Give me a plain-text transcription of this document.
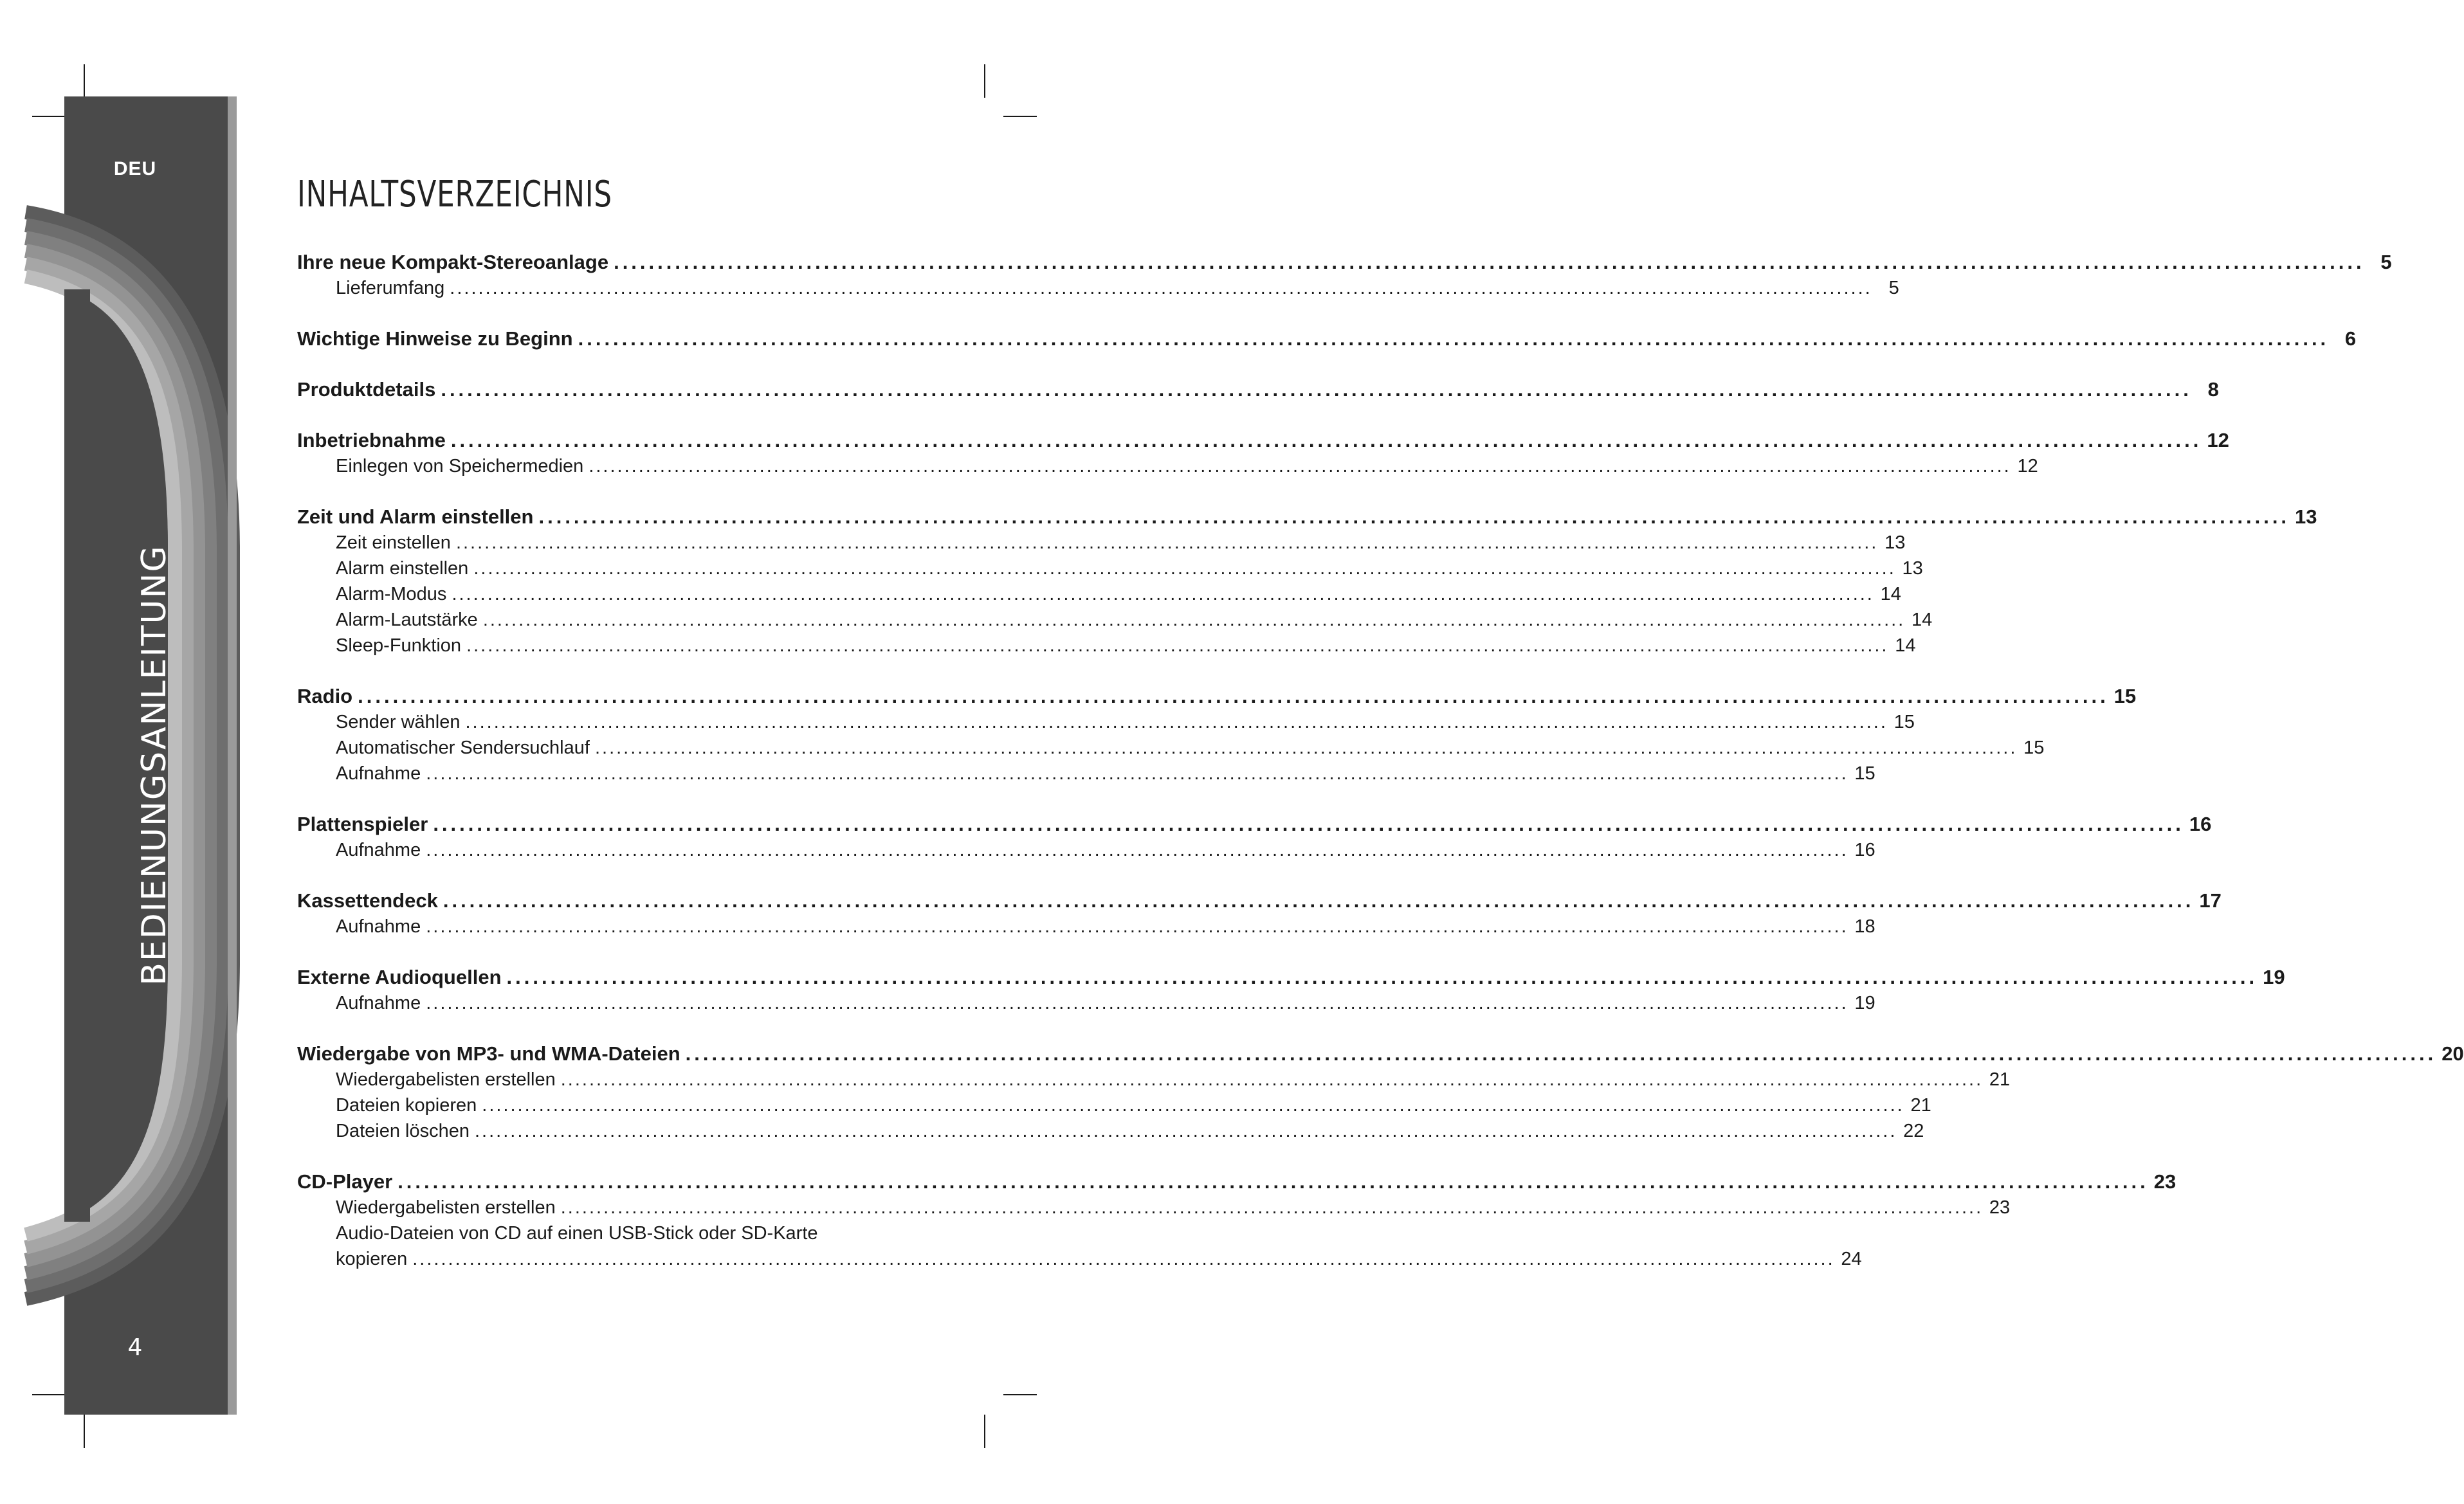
DEU
BEDIENUNGSANLEITUNG
4
INHALTSVERZEICHNIS
Ihre neue Kompakt-Stereoanlage ........................................................................................................................................................................................................ 5
Lieferumfang ........................................................................................................................................................................................................ 5
Wichtige Hinweise zu Beginn ........................................................................................................................................................................................................ 6
Produktdetails ........................................................................................................................................................................................................ 8
Inbetriebnahme ........................................................................................................................................................................................................ 12
Einlegen von Speichermedien ........................................................................................................................................................................................................ 12
Zeit und Alarm einstellen ........................................................................................................................................................................................................ 13
Zeit einstellen ........................................................................................................................................................................................................ 13
Alarm einstellen ........................................................................................................................................................................................................ 13
Alarm-Modus ........................................................................................................................................................................................................ 14
Alarm-Lautstärke ........................................................................................................................................................................................................ 14
Sleep-Funktion ........................................................................................................................................................................................................ 14
Radio ........................................................................................................................................................................................................ 15
Sender wählen ........................................................................................................................................................................................................ 15
Automatischer Sendersuchlauf ........................................................................................................................................................................................................ 15
Aufnahme ........................................................................................................................................................................................................ 15
Plattenspieler ........................................................................................................................................................................................................ 16
Aufnahme ........................................................................................................................................................................................................ 16
Kassettendeck ........................................................................................................................................................................................................ 17
Aufnahme ........................................................................................................................................................................................................ 18
Externe Audioquellen ........................................................................................................................................................................................................ 19
Aufnahme ........................................................................................................................................................................................................ 19
Wiedergabe von MP3- und WMA-Dateien ........................................................................................................................................................................................................ 20
Wiedergabelisten erstellen ........................................................................................................................................................................................................ 21
Dateien kopieren ........................................................................................................................................................................................................ 21
Dateien löschen ........................................................................................................................................................................................................ 22
CD-Player ........................................................................................................................................................................................................ 23
Wiedergabelisten erstellen ........................................................................................................................................................................................................ 23
Audio-Dateien von CD auf einen USB-Stick oder SD-Karte
kopieren ........................................................................................................................................................................................................ 24
